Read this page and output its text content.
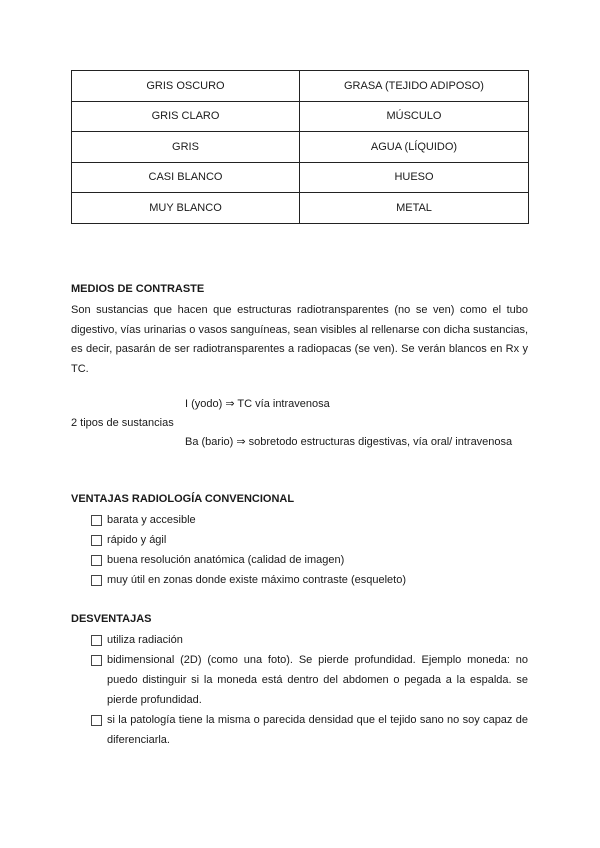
GRIS OSCURO	GRASA (TEJIDO ADIPOSO)
GRIS CLARO	MÚSCULO
GRIS	AGUA (LÍQUIDO)
CASI BLANCO	HUESO
MUY BLANCO	METAL
MEDIOS DE CONTRASTE
Son sustancias que hacen que estructuras radiotransparentes (no se ven) como el tubo digestivo, vías urinarias o vasos sanguíneas, sean visibles al rellenarse con dicha sustancias, es decir, pasarán de ser radiotransparentes a radiopacas (se ven). Se verán blancos en Rx y TC.
I (yodo) ⇒ TC vía intravenosa
2 tipos de sustancias
Ba (bario) ⇒ sobretodo estructuras digestivas, vía oral/ intravenosa
VENTAJAS RADIOLOGÍA CONVENCIONAL
barata y accesible
rápido y ágil
buena resolución anatómica (calidad de imagen)
muy útil en zonas donde existe máximo contraste (esqueleto)
DESVENTAJAS
utiliza radiación
bidimensional (2D) (como una foto). Se pierde profundidad. Ejemplo moneda: no puedo distinguir si la moneda está dentro del abdomen o pegada a la espalda. se pierde profundidad.
si la patología tiene la misma o parecida densidad que el tejido sano no soy capaz de diferenciarla.
